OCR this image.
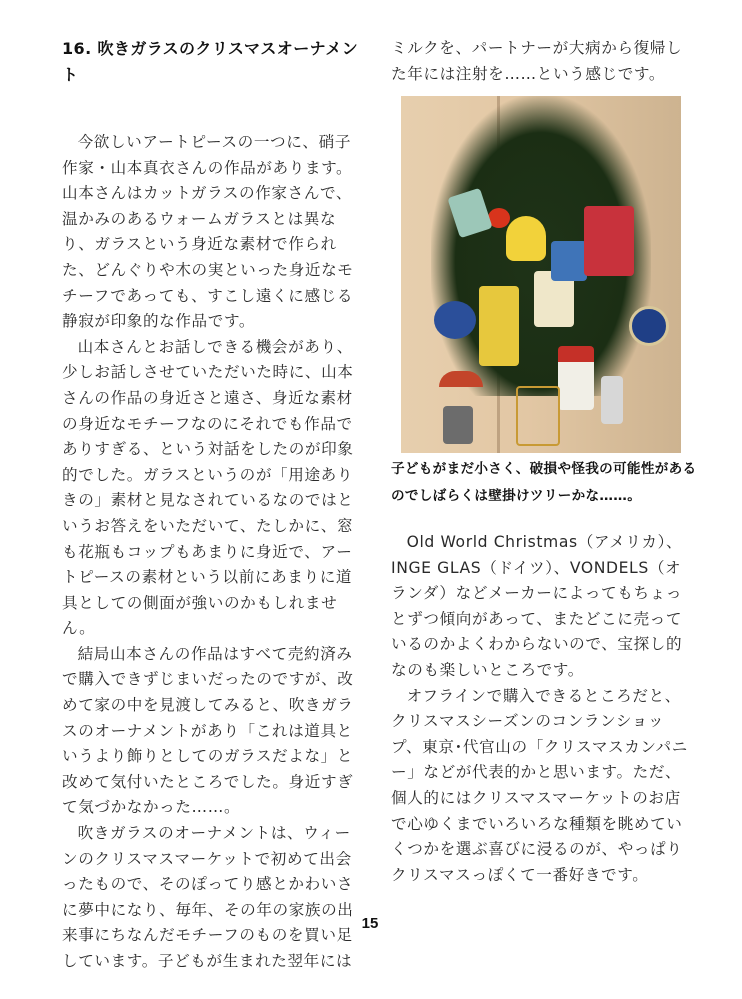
16. 吹きガラスのクリスマスオーナメント

今欲しいアートピースの一つに、硝子作家・山本真衣さんの作品があります。山本さんはカットガラスの作家さんで、温かみのあるウォームガラスとは異なり、ガラスという身近な素材で作られた、どんぐりや木の実といった身近なモチーフであっても、すこし遠くに感じる静寂が印象的な作品です。

山本さんとお話しできる機会があり、少しお話しさせていただいた時に、山本さんの作品の身近さと遠さ、身近な素材の身近なモチーフなのにそれでも作品でありすぎる、という対話をしたのが印象的でした。ガラスというのが「用途ありきの」素材と見なされているなのではというお答えをいただいて、たしかに、窓も花瓶もコップもあまりに身近で、アートピースの素材という以前にあまりに道具としての側面が強いのかもしれません。

結局山本さんの作品はすべて売約済みで購入できずじまいだったのですが、改めて家の中を見渡してみると、吹きガラスのオーナメントがあり「これは道具というより飾りとしてのガラスだよな」と改めて気付いたところでした。身近すぎて気づかなかった……。

吹きガラスのオーナメントは、ウィーンのクリスマスマーケットで初めて出会ったもので、そのぽってり感とかわいさに夢中になり、毎年、その年の家族の出来事にちなんだモチーフのものを買い足しています。子どもが生まれた翌年には

ミルクを、パートナーが大病から復帰した年には注射を……という感じです。

子どもがまだ小さく、破損や怪我の可能性があるのでしばらくは壁掛けツリーかな……。

Old World Christmas（アメリカ）、INGE GLAS（ドイツ）、VONDELS（オランダ）などメーカーによってもちょっとずつ傾向があって、またどこに売っているのかよくわからないので、宝探し的なのも楽しいところです。

オフラインで購入できるところだと、クリスマスシーズンのコンランショップ、東京･代官山の「クリスマスカンパニー」などが代表的かと思います。ただ、個人的にはクリスマスマーケットのお店で心ゆくまでいろいろな種類を眺めていくつかを選ぶ喜びに浸るのが、やっぱりクリスマスっぽくて一番好きです。

15
